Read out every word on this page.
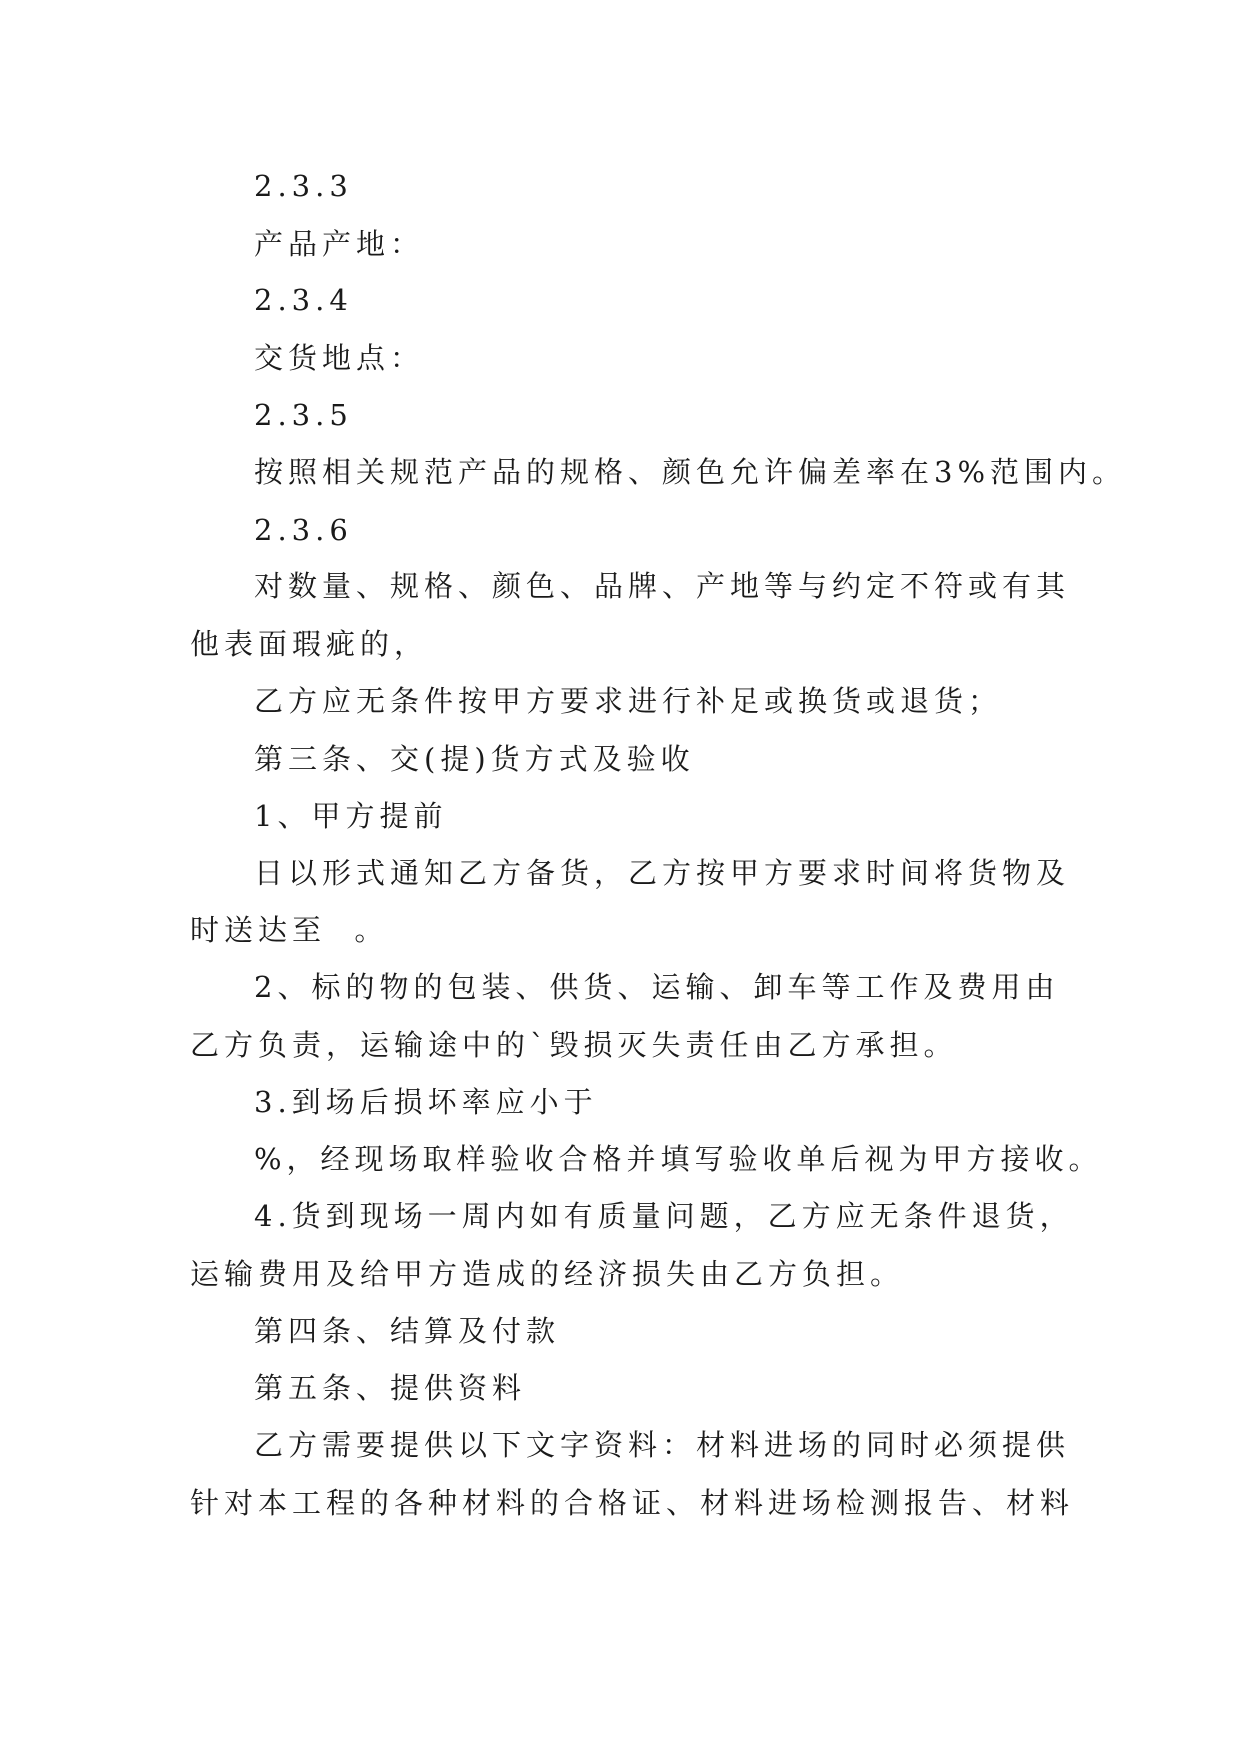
2.3.3
产品产地：
2.3.4
交货地点：
2.3.5
按照相关规范产品的规格、颜色允许偏差率在3%范围内。
2.3.6
对数量、规格、颜色、品牌、产地等与约定不符或有其
他表面瑕疵的，
乙方应无条件按甲方要求进行补足或换货或退货；
第三条、交(提)货方式及验收
1、甲方提前
日以形式通知乙方备货，乙方按甲方要求时间将货物及
时送达至  。
2、标的物的包装、供货、运输、卸车等工作及费用由
乙方负责，运输途中的`毁损灭失责任由乙方承担。
3.到场后损坏率应小于
%，经现场取样验收合格并填写验收单后视为甲方接收。
4.货到现场一周内如有质量问题，乙方应无条件退货，
运输费用及给甲方造成的经济损失由乙方负担。
第四条、结算及付款
第五条、提供资料
乙方需要提供以下文字资料：材料进场的同时必须提供
针对本工程的各种材料的合格证、材料进场检测报告、材料
